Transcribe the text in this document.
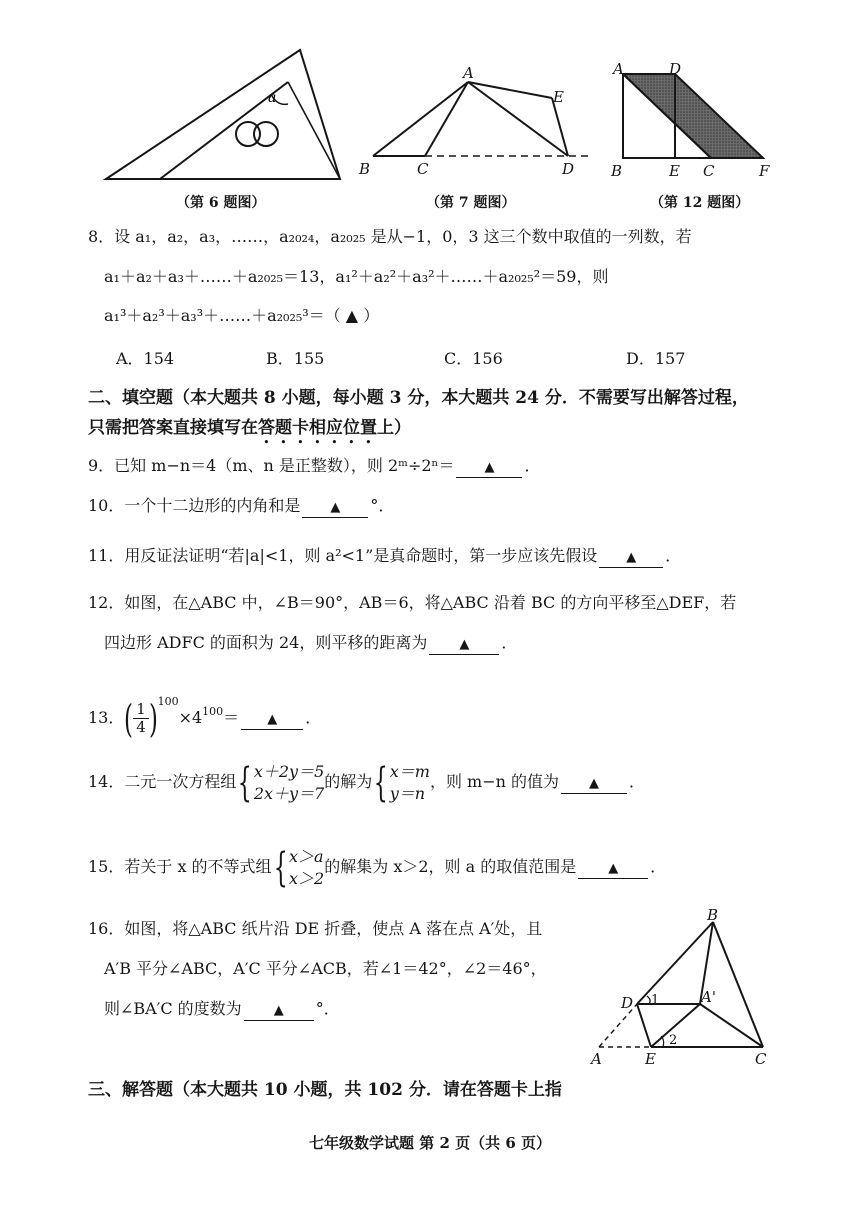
a
（第 6 题图）
A
E
B	C	D
（第 7 题图）
A	D
B	E C	F
（第 12 题图）
8．设 a₁，a₂，a₃，……，a₂₀₂₄，a₂₀₂₅ 是从−1，0，3 这三个数中取值的一列数，若
a₁＋a₂＋a₃＋……＋a₂₀₂₅＝13，a₁²＋a₂²＋a₃²＋……＋a₂₀₂₅²＝59，则
a₁³＋a₂³＋a₃³＋……＋a₂₀₂₅³＝（ ▲ ）
A．154	B．155	C．156	D．157
二、填空题（本大题共 8 小题，每小题 3 分，本大题共 24 分．不需要写出解答过程，
只需把答案直接填写在答题卡相应位置上）
9．已知 m−n＝4（m、n 是正整数），则 2ᵐ÷2ⁿ＝ ▲ ．
10．一个十二边形的内角和是 ▲ °．
11．用反证法证明“若|a|<1，则 a²<1”是真命题时，第一步应该先假设 ▲ ．
12．如图，在△ABC 中，∠B＝90°，AB＝6，将△ABC 沿着 BC 的方向平移至△DEF，若
四边形 ADFC 的面积为 24，则平移的距离为 ▲ ．
13．( $\frac{1}{4} )^{100}\times 4^{100}=$ ▲ ．
14．二元一次方程组{ x＋2y＝5
2x＋y＝7
的解为{ x＝m
y＝n
，则 m−n 的值为 ▲ ．
15．若关于 x 的不等式组{ x＞a
x＞2
的解集为 x＞2，则 a 的取值范围是 ▲ ．
16．如图，将△ABC 纸片沿 DE 折叠，使点 A 落在点 A′处，且
A′B 平分∠ABC，A′C 平分∠ACB，若∠1＝42°，∠2＝46°，
则∠BA′C 的度数为 ▲ °．
B
D 1	A'
2
A	E	C
三、解答题（本大题共 10 小题，共 102 分．请在答题卡上指
七年级数学试题 第 2 页（共 6 页）
